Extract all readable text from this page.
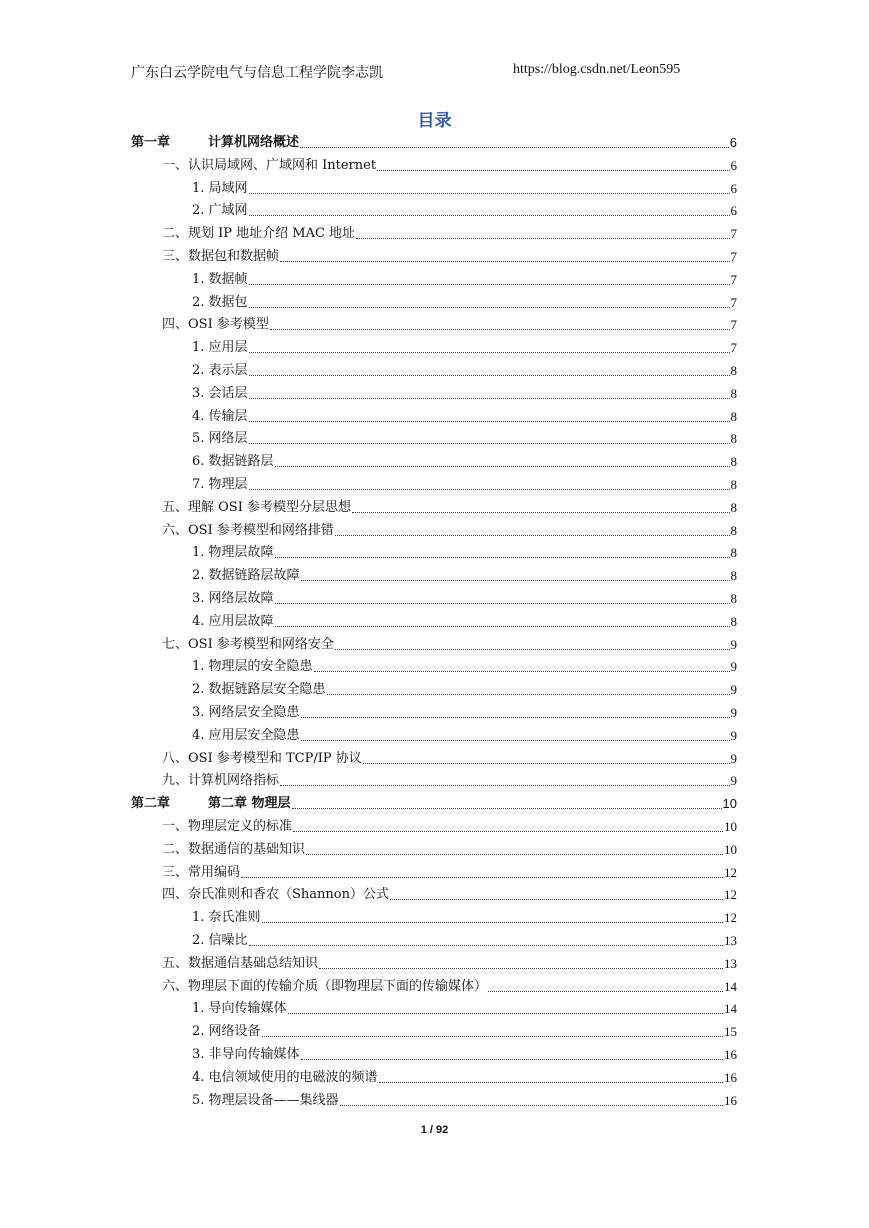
广东白云学院电气与信息工程学院李志凯	https://blog.csdn.net/Leon595
目录
第一章	计算机网络概述	6
一、认识局域网、广域网和 Internet	6
1. 局域网	6
2. 广域网	6
二、规划 IP 地址介绍 MAC 地址	7
三、数据包和数据帧	7
1. 数据帧	7
2. 数据包	7
四、OSI 参考模型	7
1. 应用层	7
2. 表示层	8
3. 会话层	8
4. 传输层	8
5. 网络层	8
6. 数据链路层	8
7. 物理层	8
五、理解 OSI 参考模型分层思想	8
六、OSI 参考模型和网络排错	8
1. 物理层故障	8
2. 数据链路层故障	8
3. 网络层故障	8
4. 应用层故障	8
七、OSI 参考模型和网络安全	9
1. 物理层的安全隐患	9
2. 数据链路层安全隐患	9
3. 网络层安全隐患	9
4. 应用层安全隐患	9
八、OSI 参考模型和 TCP/IP 协议	9
九、计算机网络指标	9
第二章	第二章 物理层	10
一、物理层定义的标准	10
二、数据通信的基础知识	10
三、常用编码	12
四、奈氏准则和香农（Shannon）公式	12
1. 奈氏准则	12
2. 信噪比	13
五、数据通信基础总结知识	13
六、物理层下面的传输介质（即物理层下面的传输媒体）	14
1. 导向传输媒体	14
2. 网络设备	15
3. 非导向传输媒体	16
4. 电信领域使用的电磁波的频谱	16
5. 物理层设备——集线器	16
1 / 92
